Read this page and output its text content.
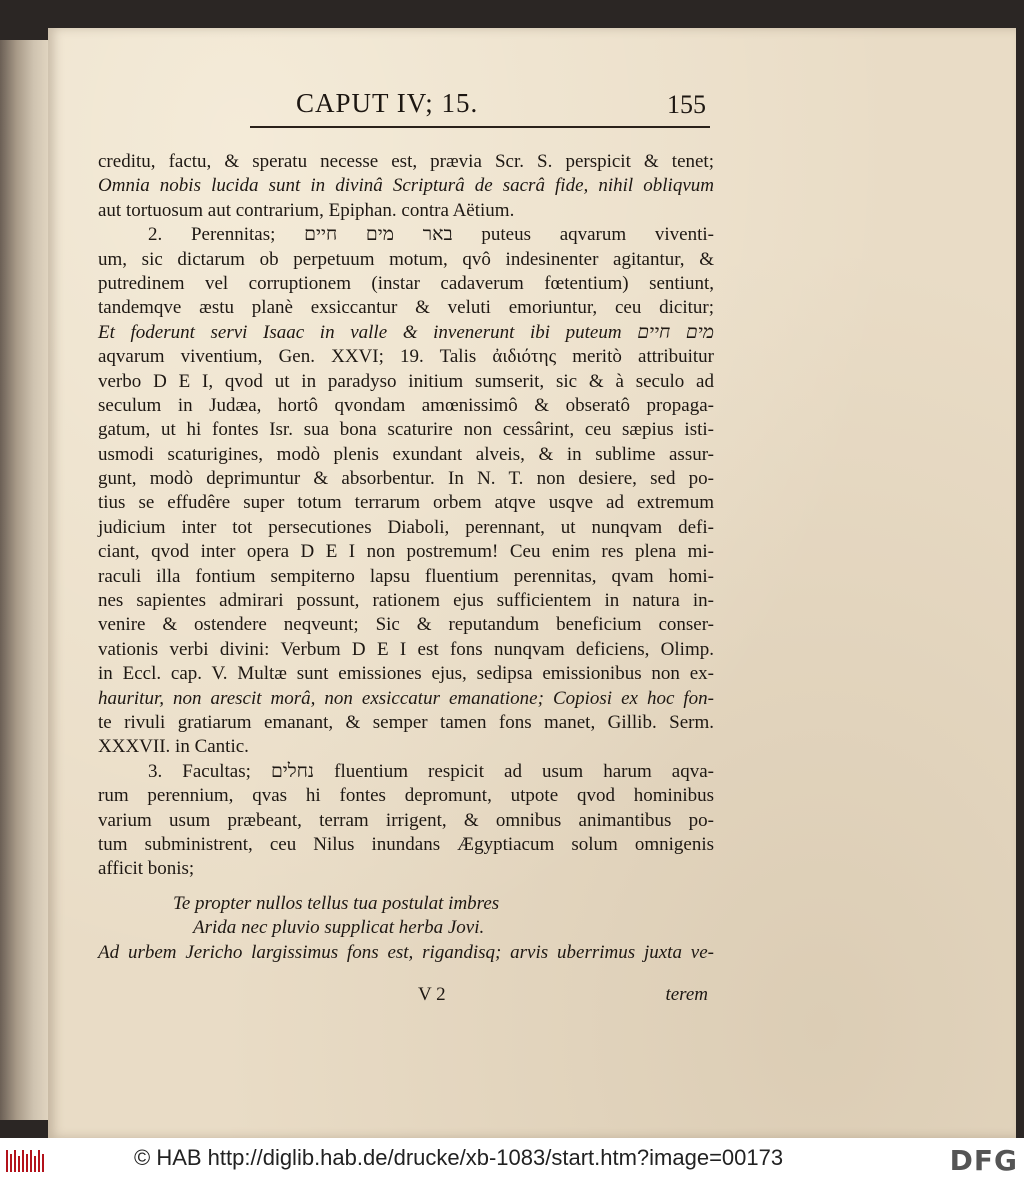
CAPUT IV; 15.	155
creditu, factu, & speratu necesse est, prævia Scr. S. perspicit & tenet;
Omnia nobis lucida sunt in divinâ Scripturâ de sacrâ fide, nihil obliqvum
aut tortuosum aut contrarium, Epiphan. contra Aëtium.
2. Perennitas; באר מים חיים puteus aqvarum viventi-
um, sic dictarum ob perpetuum motum, qvô indesinenter agitantur, &
putredinem vel corruptionem (instar cadaverum fœtentium) sentiunt,
tandemqve æstu planè exsiccantur & veluti emoriuntur, ceu dicitur;
Et foderunt servi Isaac in valle & invenerunt ibi puteum מים חיים
aqvarum viventium, Gen. XXVI; 19. Talis ἀιδιότης meritò attribuitur
verbo D E I, qvod ut in paradyso initium sumserit, sic & à seculo ad
seculum in Judæa, hortô qvondam amœnissimô & obseratô propaga-
gatum, ut hi fontes Isr. sua bona scaturire non cessârint, ceu sæpius isti-
usmodi scaturigines, modò plenis exundant alveis, & in sublime assur-
gunt, modò deprimuntur & absorbentur. In N. T. non desiere, sed po-
tius se effudêre super totum terrarum orbem atqve usqve ad extremum
judicium inter tot persecutiones Diaboli, perennant, ut nunqvam defi-
ciant, qvod inter opera D E I non postremum! Ceu enim res plena mi-
raculi illa fontium sempiterno lapsu fluentium perennitas, qvam homi-
nes sapientes admirari possunt, rationem ejus sufficientem in natura in-
venire & ostendere neqveunt; Sic & reputandum beneficium conser-
vationis verbi divini: Verbum D E I est fons nunqvam deficiens, Olimp.
in Eccl. cap. V. Multæ sunt emissiones ejus, sedipsa emissionibus non ex-
hauritur, non arescit morâ, non exsiccatur emanatione; Copiosi ex hoc fon-
te rivuli gratiarum emanant, & semper tamen fons manet, Gillib. Serm.
XXXVII. in Cantic.
3. Facultas; נחלים fluentium respicit ad usum harum aqva-
rum perennium, qvas hi fontes depromunt, utpote qvod hominibus
varium usum præbeant, terram irrigent, & omnibus animantibus po-
tum subministrent, ceu Nilus inundans Ægyptiacum solum omnigenis
afficit bonis;
Te propter nullos tellus tua postulat imbres
Arida nec pluvio supplicat herba Jovi.
Ad urbem Jericho largissimus fons est, rigandisq; arvis uberrimus juxta ve-
V 2	terem
© HAB http://diglib.hab.de/drucke/xb-1083/start.htm?image=00173	DFG
